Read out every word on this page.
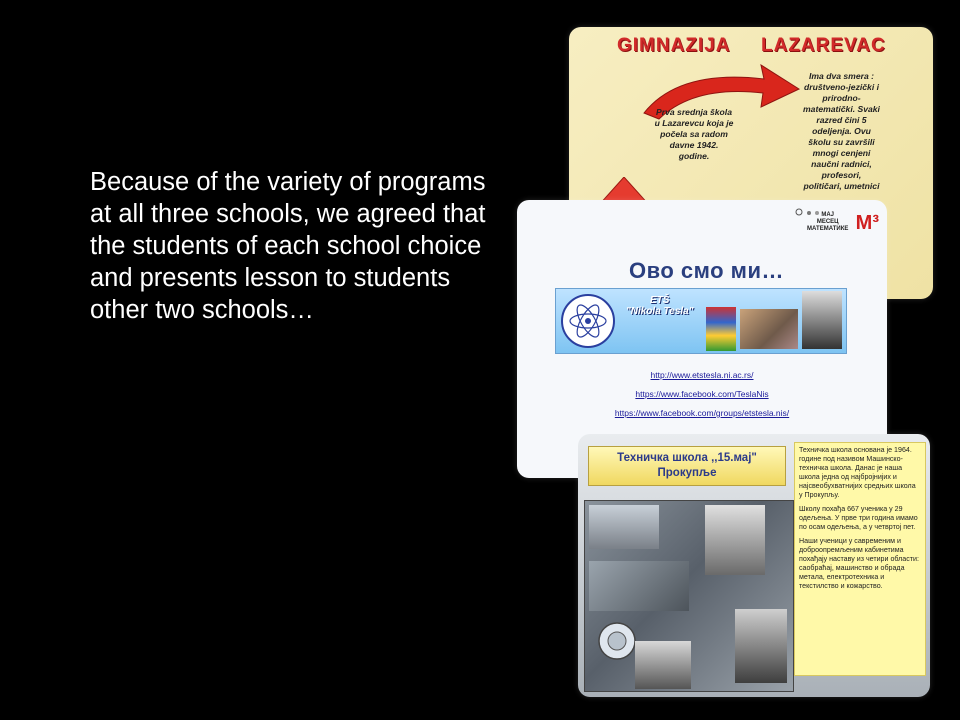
Because of the variety of programs at all three schools, we agreed that the students of each school choice and presents lesson to students other two schools…

GIMNAZIJA LAZAREVAC
Prva srednja škola
u Lazarevcu koja je
počela sa radom
davne 1942.
godine.
Ima dva smera :
društveno-jezički i
prirodno-
matematički. Svaki
razred čini 5
odeljenja. Ovu
školu su završili
mnogi cenjeni
naučni radnici,
profesori,
političari, umetnici
МАЈ
МЕСЕЦ
МАТЕМАТИКЕ M³
Ово смо ми…
ETŠ
"Nikola Tesla"
http://www.etstesla.ni.ac.rs/
https://www.facebook.com/TeslaNis
https://www.facebook.com/groups/etstesla.nis/
Техничка школа ,,15.мај"
Прокупље

Техничка школа основана је 1964. године под називом Машинско-техничка школа. Данас је наша школа једна од најбројнијих и најсвеобухватнијих средњих школа у Прокупљу.

Школу похађа 667 ученика у 29 одељења. У прве три година имамо по осам одељења, а у четвртој пет.

Наши ученици у савременим и доброопремљеним кабинетима похађају наставу из четири области: саобраћај, машинство и обрада метала, електротехника и текстилство и кожарство.
